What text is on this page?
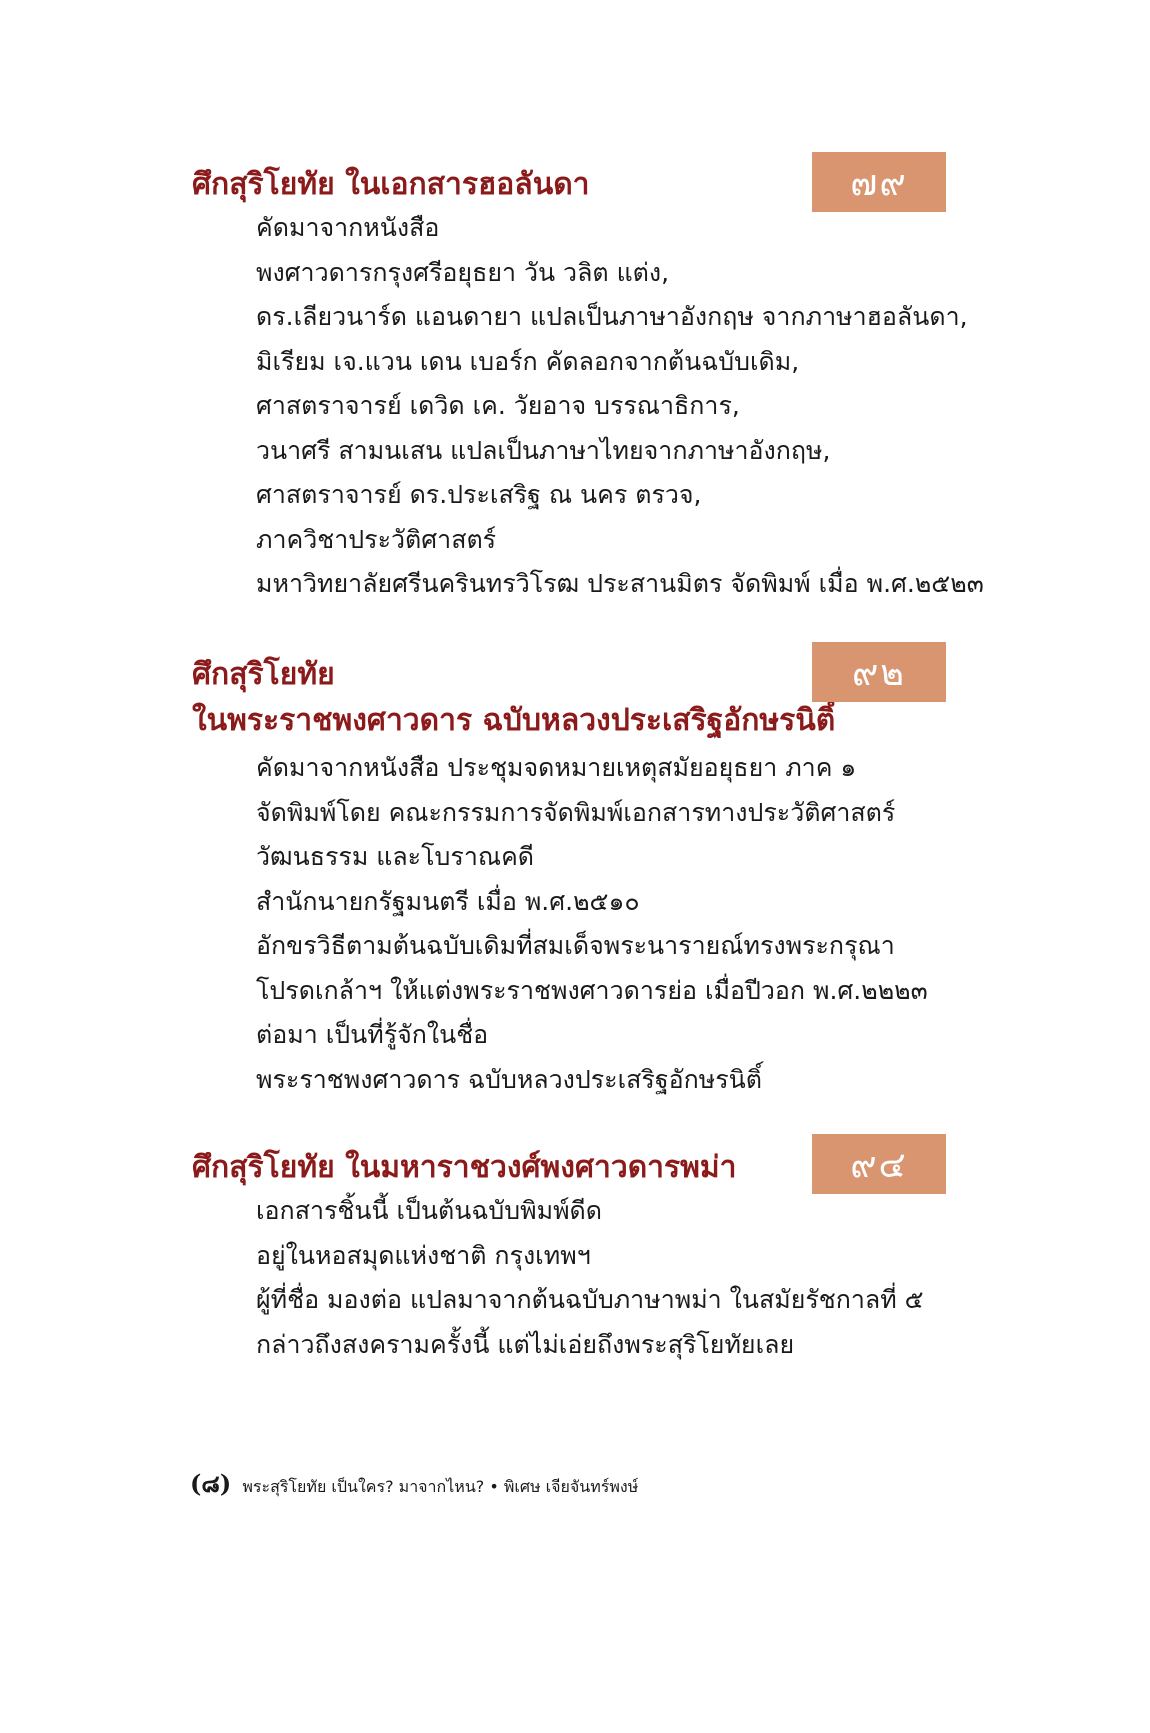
ศึกสุริโยทัย ในเอกสารฮอลันดา	๗๙
คัดมาจากหนังสือ
พงศาวดารกรุงศรีอยุธยา วัน วลิต แต่ง,
ดร.เลียวนาร์ด แอนดายา แปลเป็นภาษาอังกฤษ จากภาษาฮอลันดา,
มิเรียม เจ.แวน เดน เบอร์ก คัดลอกจากต้นฉบับเดิม,
ศาสตราจารย์ เดวิด เค. วัยอาจ บรรณาธิการ,
วนาศรี สามนเสน แปลเป็นภาษาไทยจากภาษาอังกฤษ,
ศาสตราจารย์ ดร.ประเสริฐ ณ นคร ตรวจ,
ภาควิชาประวัติศาสตร์
มหาวิทยาลัยศรีนครินทรวิโรฒ ประสานมิตร จัดพิมพ์ เมื่อ พ.ศ.๒๕๒๓
ศึกสุริโยทัย
ในพระราชพงศาวดาร ฉบับหลวงประเสริฐอักษรนิติ์
๙๒
คัดมาจากหนังสือ ประชุมจดหมายเหตุสมัยอยุธยา ภาค ๑
จัดพิมพ์โดย คณะกรรมการจัดพิมพ์เอกสารทางประวัติศาสตร์
วัฒนธรรม และโบราณคดี
สำนักนายกรัฐมนตรี เมื่อ พ.ศ.๒๕๑๐
อักขรวิธีตามต้นฉบับเดิมที่สมเด็จพระนารายณ์ทรงพระกรุณา
โปรดเกล้าฯ ให้แต่งพระราชพงศาวดารย่อ เมื่อปีวอก พ.ศ.๒๒๒๓
ต่อมา เป็นที่รู้จักในชื่อ
พระราชพงศาวดาร ฉบับหลวงประเสริฐอักษรนิติ์
ศึกสุริโยทัย ในมหาราชวงศ์พงศาวดารพม่า	๙๔
เอกสารชิ้นนี้ เป็นต้นฉบับพิมพ์ดีด
อยู่ในหอสมุดแห่งชาติ กรุงเทพฯ
ผู้ที่ชื่อ มองต่อ แปลมาจากต้นฉบับภาษาพม่า ในสมัยรัชกาลที่ ๕
กล่าวถึงสงครามครั้งนี้ แต่ไม่เอ่ยถึงพระสุริโยทัยเลย
(๘) พระสุริโยทัย เป็นใคร? มาจากไหน? • พิเศษ เจียจันทร์พงษ์
